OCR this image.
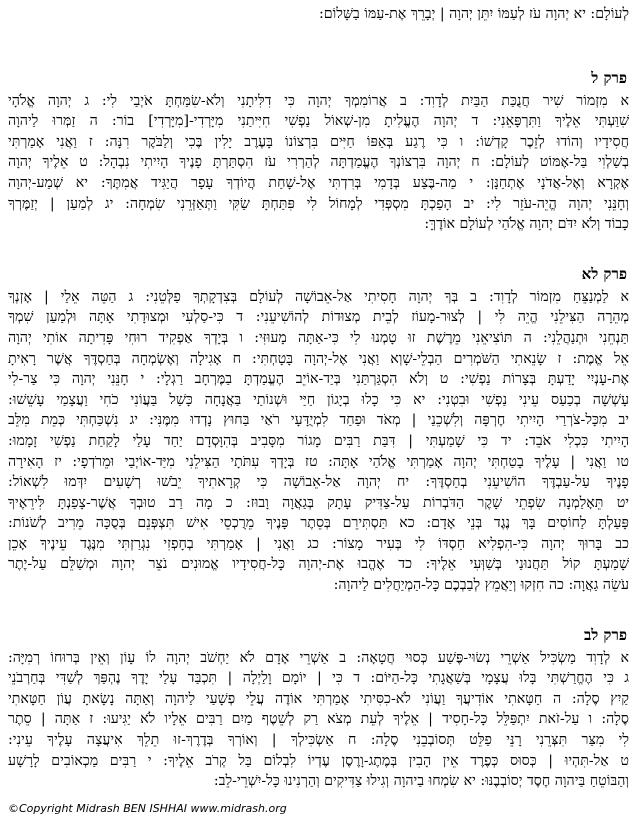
לְעוֹלָם: יא יְהוָה עֹז לְעַמּוֹ יִתֵּן יְהוָה | יְבָרֵךְ אֶת-עַמּוֹ בַשָּׁלוֹם:
פרק ל
א מִזְמוֹר שִׁיר חֲנֻכַּת הַבַּיִת לְדָוִד: ב אֲרוֹמִמְךָ יְהוָה כִּי דִלִּיתָנִי וְלֹא-שִׂמַּחְתָּ אֹיְבַי לִי: ג יְהוָה אֱלֹהָי
שִׁוַּעְתִּי אֵלֶיךָ וַתִּרְפָּאֵנִי: ד יְהוָה הֶעֱלִיתָ מִן-שְׁאוֹל נַפְשִׁי חִיִּיתַנִי מִיָּרְדִי-[מִיָּרְדִי] בוֹר: ה זַמְּרוּ לַיהוָה
חֲסִידָיו וְהוֹדוּ לְזֵכֶר קָדְשׁוֹ: ו כִּי רֶגַע בְּאַפּוֹ חַיִּים בִּרְצוֹנוֹ בָּעֶרֶב יָלִין בֶּכִי וְלַבֹּקֶר רִנָּה: ז וַאֲנִי אָמַרְתִּי
בְשַׁלְוִי בַּל-אֶמּוֹט לְעוֹלָם: ח יְהוָה בִּרְצוֹנְךָ הֶעֱמַדְתָּה לְהַרְרִי עֹז הִסְתַּרְתָּ פָנֶיךָ הָיִיתִי נִבְהָל: ט אֵלֶיךָ יְהוָה
אֶקְרָא וְאֶל-אֲדֹנָי אֶתְחַנָּן: י מַה-בֶּצַע בְּדָמִי בְּרִדְתִּי אֶל-שָׁחַת הֲיוֹדְךָ עָפָר הֲיַגִּיד אֲמִתֶּךָ: יא שְׁמַע-יְהוָה
וְחָנֵּנִי יְהוָה הֱיֵה-עֹזֵר לִי: יב הָפַכְתָּ מִסְפְּדִי לְמָחוֹל לִי פִּתַּחְתָּ שַׂקִּי וַתְּאַזְּרֵנִי שִׂמְחָה: יג לְמַעַן | יְזַמֶּרְךָ
כָבוֹד וְלֹא יִדֹּם יְהוָה אֱלֹהַי לְעוֹלָם אוֹדֶךָּ:
פרק לא
א לַמְנַצֵּחַ מִזְמוֹר לְדָוִד: ב בְּךָ יְהוָה חָסִיתִי אַל-אֵבוֹשָׁה לְעוֹלָם בְּצִדְקָתְךָ פַלְּטֵנִי: ג הַטֵּה אֵלַי | אָזְנְךָ
מְהֵרָה הַצִּילֵנִי הֱיֵה לִי | לְצוּר-מָעוֹז לְבֵית מְצוּדוֹת לְהוֹשִׁיעֵנִי: ד כִּי-סַלְעִי וּמְצוּדָתִי אָתָּה וּלְמַעַן שִׁמְךָ
תַּנְחֵנִי וּתְנַהֲלֵנִי: ה תּוֹצִיאֵנִי מֵרֶשֶׁת זוּ טָמְנוּ לִי כִּי-אַתָּה מָעוּזִּי: ו בְּיָדְךָ אַפְקִיד רוּחִי פָּדִיתָה אוֹתִי יְהוָה
אֵל אֱמֶת: ז שָׂנֵאתִי הַשֹּׁמְרִים הַבְלֵי-שָׁוְא וַאֲנִי אֶל-יְהוָה בָּטָחְתִּי: ח אָגִילָה וְאֶשְׂמְחָה בְּחַסְדֶּךָ אֲשֶׁר רָאִיתָ
אֶת-עָנְיִי יָדַעְתָּ בְּצָרוֹת נַפְשִׁי: ט וְלֹא הִסְגַּרְתַּנִי בְּיַד-אוֹיֵב הֶעֱמַדְתָּ בַמֶּרְחָב רַגְלָי: י חָנֵּנִי יְהוָה כִּי צַר-לִי
עָשְׁשָׁה בְכַעַס עֵינִי נַפְשִׁי וּבִטְנִי: יא כִּי כָלוּ בְיָגוֹן חַיַּי וּשְׁנוֹתַי בַּאֲנָחָה כָּשַׁל בַּעֲוֹנִי כֹחִי וַעֲצָמַי עָשֵׁשׁוּ:
יב מִכָּל-צֹרְרַי הָיִיתִי חֶרְפָּה וְלִשְׁכֵנַי | מְאֹד וּפַחַד לִמְיֻדָּעָי רֹאַי בַּחוּץ נָדְדוּ מִמֶּנִּי: יג נִשְׁכַּחְתִּי כְּמֵת מִלֵּב
הָיִיתִי כִּכְלִי אֹבֵד: יד כִּי שָׁמַעְתִּי | דִּבַּת רַבִּים מָגוֹר מִסָּבִיב בְּהִוָּסְדָם יַחַד עָלַי לָקַחַת נַפְשִׁי זָמָמוּ:
טו וַאֲנִי | עָלֶיךָ בָטַחְתִּי יְהוָה אָמַרְתִּי אֱלֹהַי אָתָּה: טז בְּיָדְךָ עִתֹּתָי הַצִּילֵנִי מִיַּד-אוֹיְבַי וּמֵרֹדְפָי: יז הָאִירָה
פָנֶיךָ עַל-עַבְדֶּךָ הוֹשִׁיעֵנִי בְחַסְדֶּךָ: יח יְהוָה אַל-אֵבוֹשָׁה כִּי קְרָאתִיךָ יֵבֹשׁוּ רְשָׁעִים יִדְּמוּ לִשְׁאוֹל:
יט תֵּאָלַמְנָה שִׂפְתֵי שָׁקֶר הַדֹּבְרוֹת עַל-צַדִּיק עָתָק בְּגַאֲוָה וָבוּז: כ מָה רַב טוּבְךָ אֲשֶׁר-צָפַנְתָּ לִּירֵאֶיךָ
פָּעַלְתָּ לַחוֹסִים בָּךְ נֶגֶד בְּנֵי אָדָם: כא תַּסְתִּירֵם בְּסֵתֶר פָּנֶיךָ מֵרֻכְסֵי אִישׁ תִּצְפְּנֵם בְּסֻכָּה מֵרִיב לְשֹׁנוֹת:
כב בָּרוּךְ יְהוָה כִּי-הִפְלִיא חַסְדּוֹ לִי בְּעִיר מָצוֹר: כג וַאֲנִי | אָמַרְתִּי בְחָפְזִי נִגְרַזְתִּי מִנֶּגֶד עֵינֶיךָ אָכֵן
שָׁמַעְתָּ קוֹל תַּחֲנוּנַי בְּשַׁוְּעִי אֵלֶיךָ: כד אֶהֱבוּ אֶת-יְהוָה כָּל-חֲסִידָיו אֱמוּנִים נֹצֵר יְהוָה וּמְשַׁלֵּם עַל-יֶתֶר
עֹשֵׂה גַאֲוָה: כה חִזְקוּ וְיַאֲמֵץ לְבַבְכֶם כָּל-הַמְיַחֲלִים לַיהוָה:
פרק לב
א לְדָוִד מַשְׂכִּיל אַשְׁרֵי נְשׂוּי-פֶּשַׁע כְּסוּי חֲטָאָה: ב אַשְׁרֵי אָדָם לֹא יַחְשֹׁב יְהוָה לוֹ עָוֹן וְאֵין בְּרוּחוֹ רְמִיָּה:
ג כִּי הֶחֱרַשְׁתִּי בָּלוּ עֲצָמָי בְּשַׁאֲגָתִי כָּל-הַיּוֹם: ד כִּי | יוֹמָם וָלַיְלָה | תִּכְבַּד עָלַי יָדֶךָ נֶהְפַּךְ לְשַׁדִּי בְּחַרְבֹנֵי
קַיִץ סֶלָה: ה חַטָּאתִי אוֹדִיעֲךָ וַעֲוֹנִי לֹא-כִסִּיתִי אָמַרְתִּי אוֹדֶה עֲלֵי פְשָׁעַי לַיהוָה וְאַתָּה נָשָׂאתָ עֲוֹן חַטָּאתִי
סֶלָה: ו עַל-זֹאת יִתְפַּלֵּל כָּל-חָסִיד | אֵלֶיךָ לְעֵת מְצֹא רַק לְשֵׁטֶף מַיִם רַבִּים אֵלָיו לֹא יַגִּיעוּ: ז אַתָּה | סֵתֶר
לִי מִצַּר תִּצְּרֵנִי רָנֵּי פַלֵּט תְּסוֹבְבֵנִי סֶלָה: ח אַשְׂכִּילְךָ | וְאוֹרְךָ בְּדֶרֶךְ-זוּ תֵלֵךְ אִיעֲצָה עָלֶיךָ עֵינִי:
ט אַל-תִּהְיוּ | כְּסוּס כְּפֶרֶד אֵין הָבִין בְּמֶתֶג-וָרֶסֶן עֶדְיוֹ לִבְלוֹם בַּל קְרֹב אֵלֶיךָ: י רַבִּים מַכְאוֹבִים לָרָשָׁע
וְהַבּוֹטֵחַ בַּיהוָה חֶסֶד יְסוֹבְבֶנּוּ: יא שִׂמְחוּ בַיהוָה וְגִילוּ צַדִּיקִים וְהַרְנִינוּ כָּל-יִשְׁרֵי-לֵב:
©Copyright Midrash BEN ISHHAI www.midrash.org
